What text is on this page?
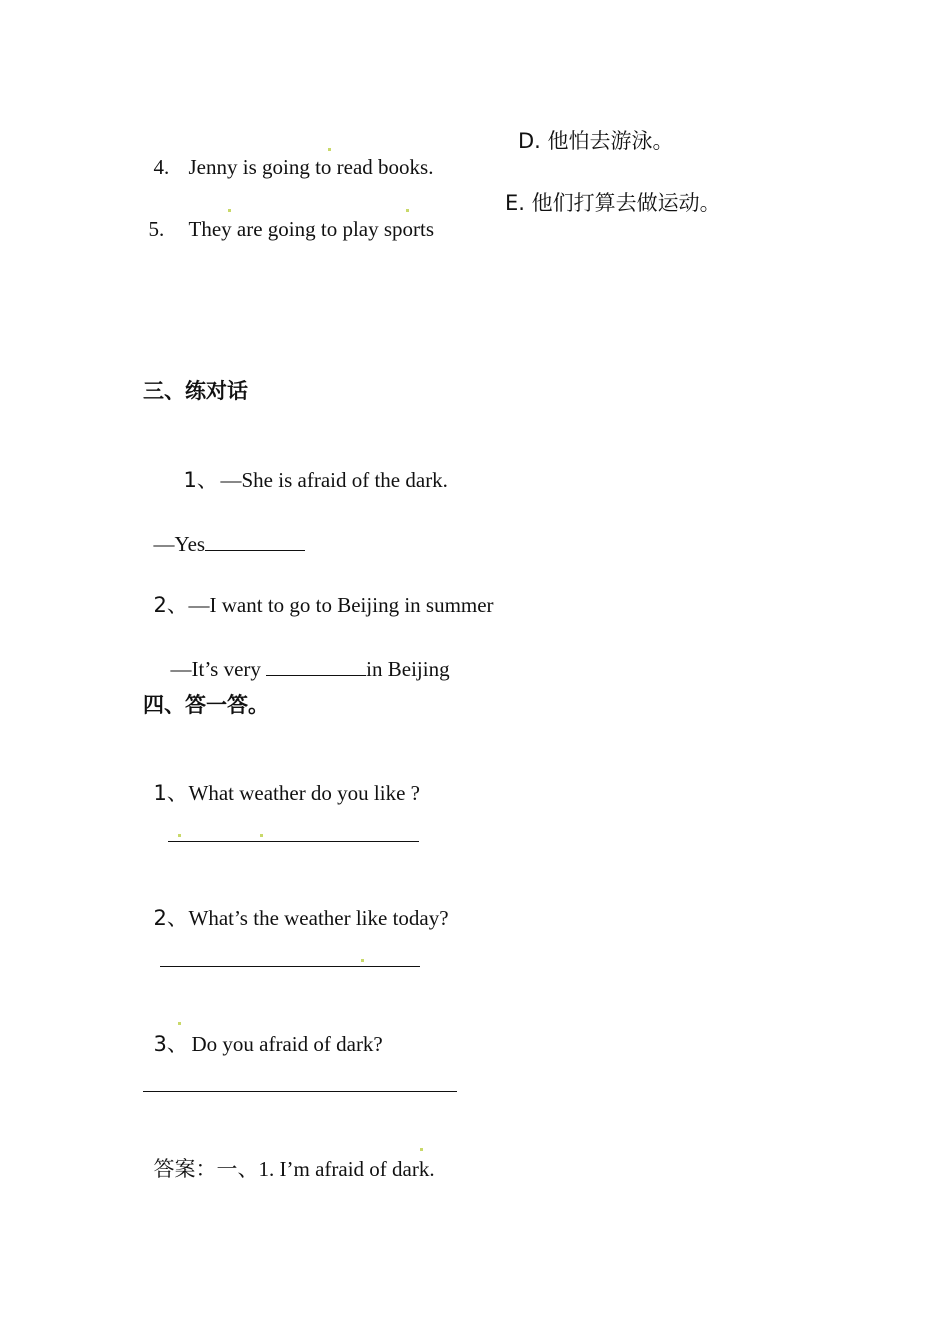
4. Jenny is going to read books.

D. 他怕去游泳。

5. They are going to play sports

E. 他们打算去做运动。
三、练对话

1、 —She is afraid of the dark.

—Yes

2、—I want to go to Beijing in summer

—It’s very	in Beijing

四、答一答。

1、What weather do you like ?

2、What’s the weather like today?

3、 Do you afraid of dark?

答案：一、1. I’m afraid of dark.
